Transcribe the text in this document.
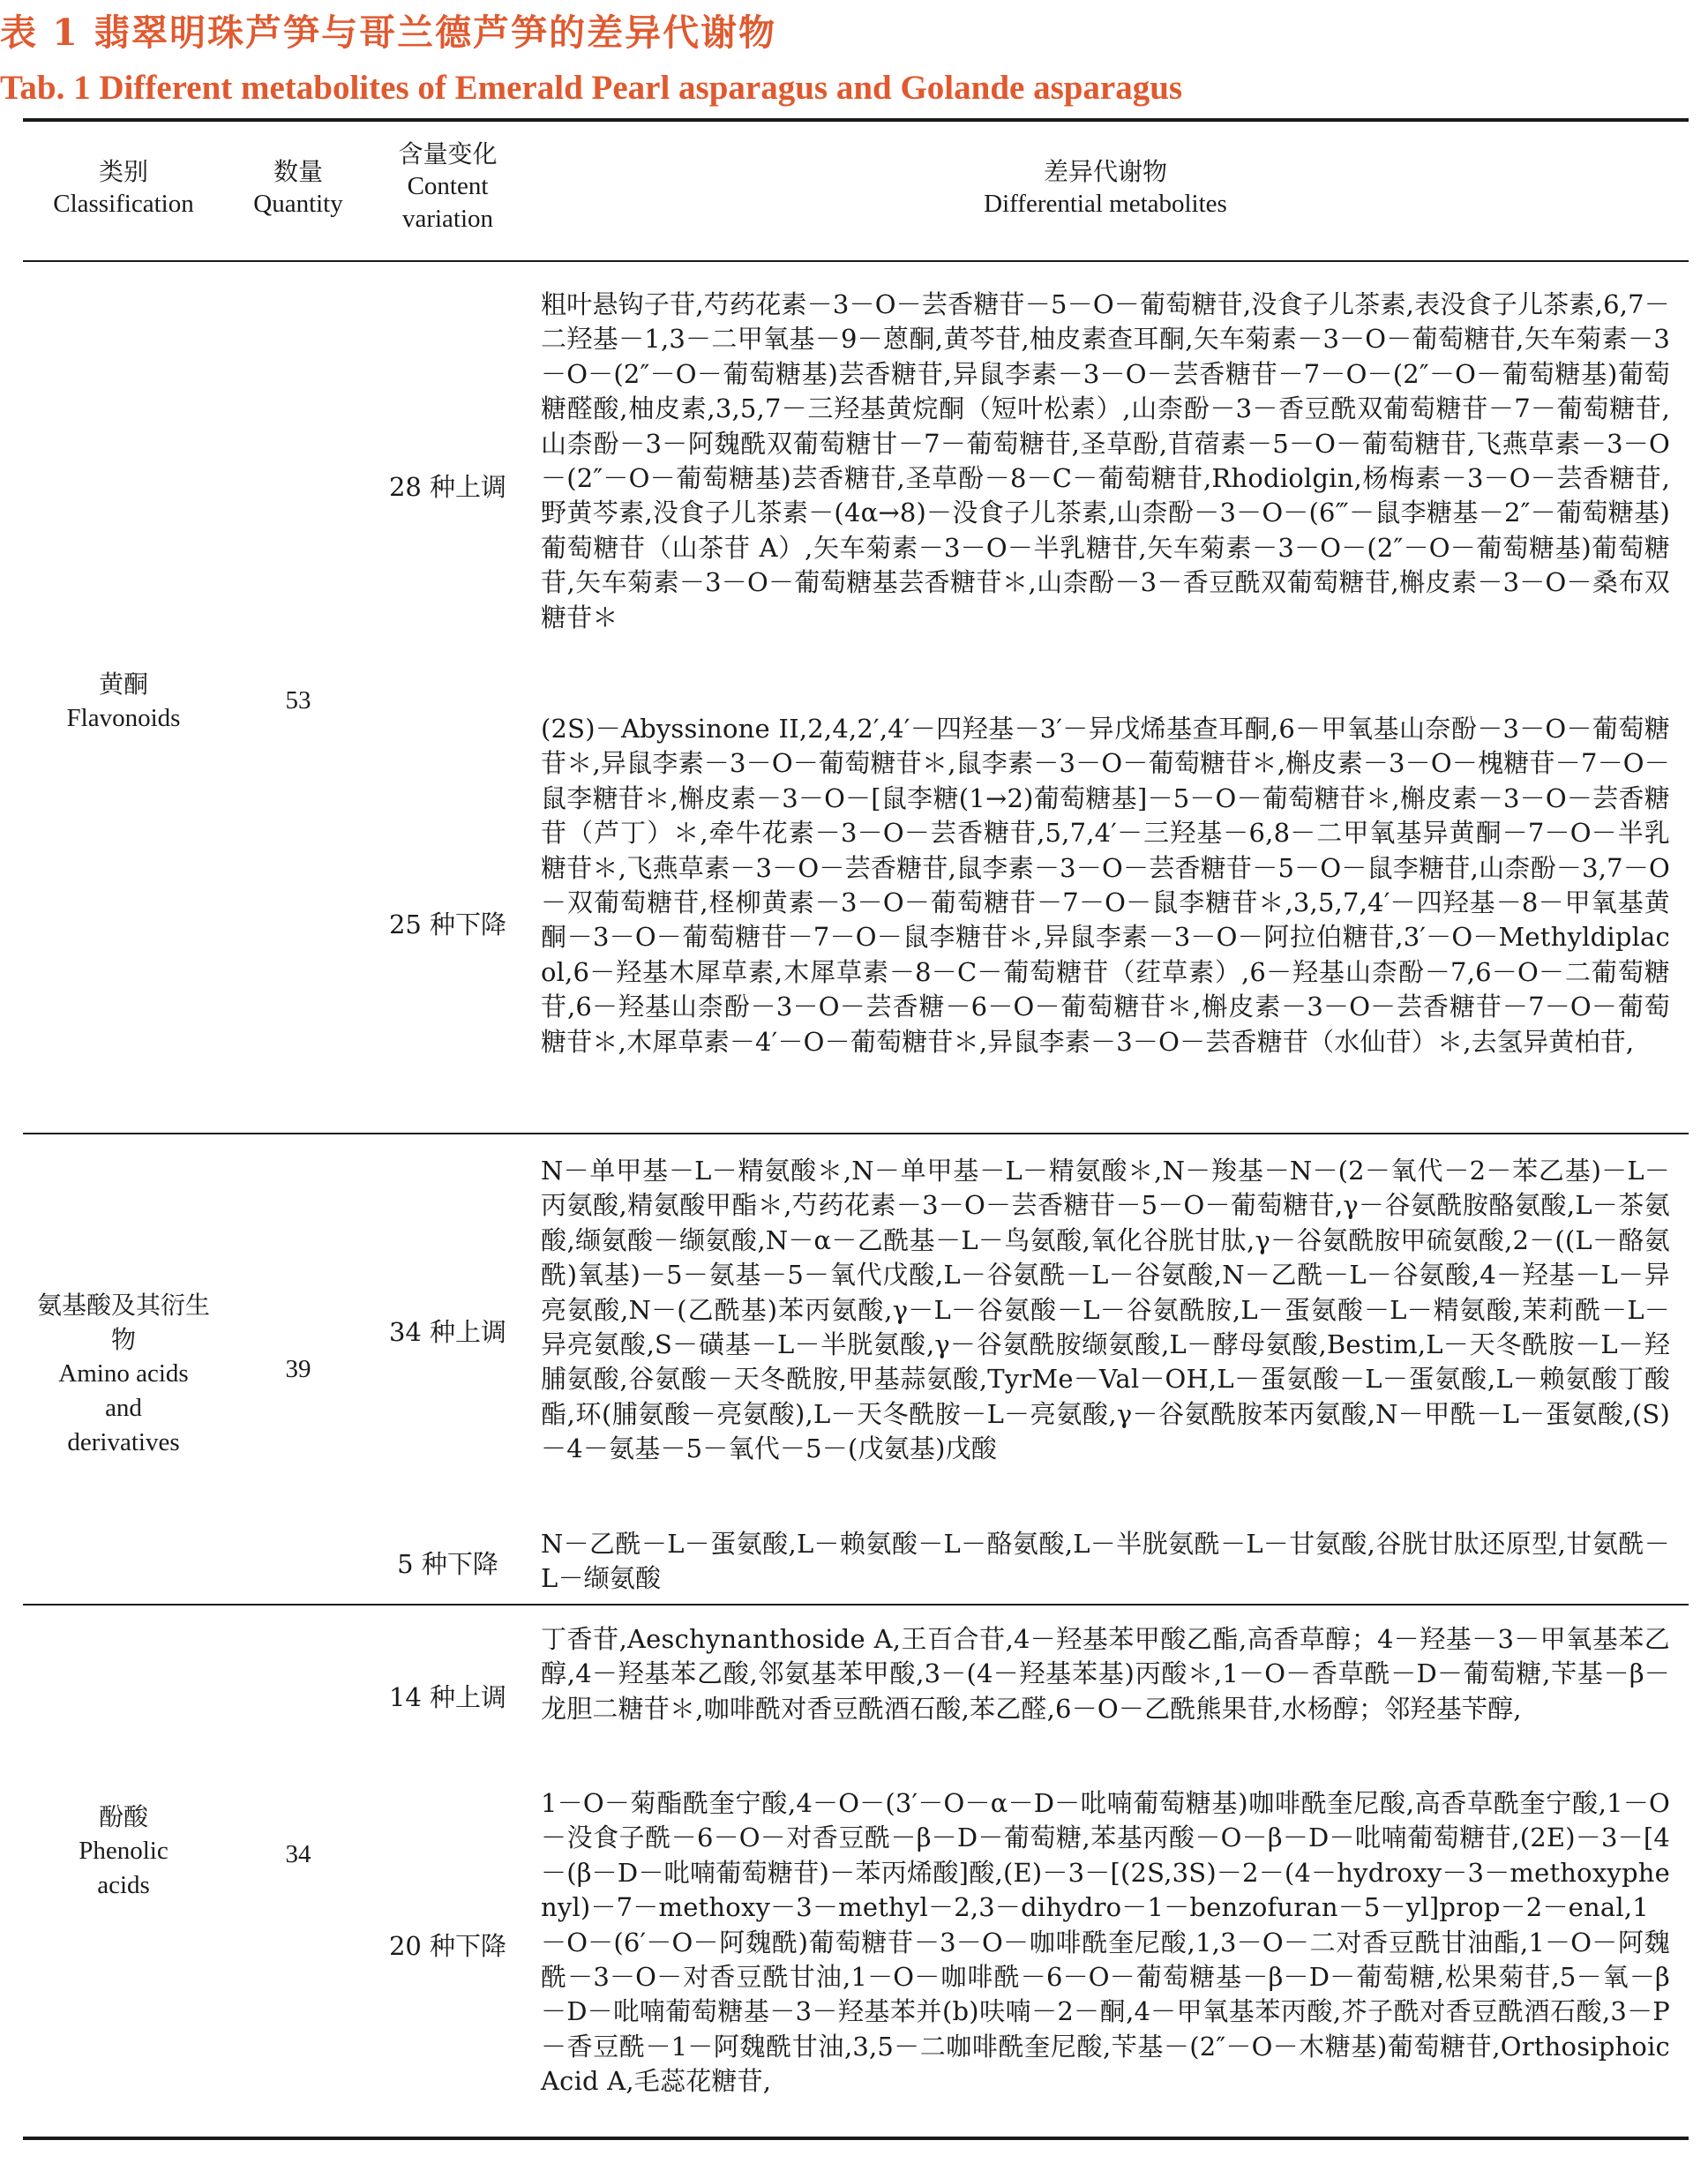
表 1 翡翠明珠芦笋与哥兰德芦笋的差异代谢物
Tab. 1 Different metabolites of Emerald Pearl asparagus and Golande asparagus
类别
Classification
数量
Quantity
含量变化
Content
variation
差异代谢物
Differential metabolites
黄酮
Flavonoids
53
28 种上调
粗叶悬钩子苷,芍药花素－3－O－芸香糖苷－5－O－葡萄糖苷,没食子儿茶素,表没食子儿茶素,6,7－二羟基－1,3－二甲氧基－9－蒽酮,黄芩苷,柚皮素查耳酮,矢车菊素－3－O－葡萄糖苷,矢车菊素－3－O－(2″－O－葡萄糖基)芸香糖苷,异鼠李素－3－O－芸香糖苷－7－O－(2″－O－葡萄糖基)葡萄糖醛酸,柚皮素,3,5,7－三羟基黄烷酮（短叶松素）,山柰酚－3－香豆酰双葡萄糖苷－7－葡萄糖苷,山柰酚－3－阿魏酰双葡萄糖甘－7－葡萄糖苷,圣草酚,苜蓿素－5－O－葡萄糖苷,飞燕草素－3－O－(2″－O－葡萄糖基)芸香糖苷,圣草酚－8－C－葡萄糖苷,Rhodiolgin,杨梅素－3－O－芸香糖苷,野黄芩素,没食子儿茶素－(4α→8)－没食子儿茶素,山柰酚－3－O－(6‴－鼠李糖基－2″－葡萄糖基)葡萄糖苷（山茶苷 A）,矢车菊素－3－O－半乳糖苷,矢车菊素－3－O－(2″－O－葡萄糖基)葡萄糖苷,矢车菊素－3－O－葡萄糖基芸香糖苷＊,山柰酚－3－香豆酰双葡萄糖苷,槲皮素－3－O－桑布双糖苷＊
25 种下降
(2S)－Abyssinone II,2,4,2′,4′－四羟基－3′－异戊烯基查耳酮,6－甲氧基山奈酚－3－O－葡萄糖苷＊,异鼠李素－3－O－葡萄糖苷＊,鼠李素－3－O－葡萄糖苷＊,槲皮素－3－O－槐糖苷－7－O－鼠李糖苷＊,槲皮素－3－O－[鼠李糖(1→2)葡萄糖基]－5－O－葡萄糖苷＊,槲皮素－3－O－芸香糖苷（芦丁）＊,牵牛花素－3－O－芸香糖苷,5,7,4′－三羟基－6,8－二甲氧基异黄酮－7－O－半乳糖苷＊,飞燕草素－3－O－芸香糖苷,鼠李素－3－O－芸香糖苷－5－O－鼠李糖苷,山柰酚－3,7－O－双葡萄糖苷,柽柳黄素－3－O－葡萄糖苷－7－O－鼠李糖苷＊,3,5,7,4′－四羟基－8－甲氧基黄酮－3－O－葡萄糖苷－7－O－鼠李糖苷＊,异鼠李素－3－O－阿拉伯糖苷,3′－O－Methyldiplacol,6－羟基木犀草素,木犀草素－8－C－葡萄糖苷（荭草素）,6－羟基山柰酚－7,6－O－二葡萄糖苷,6－羟基山柰酚－3－O－芸香糖－6－O－葡萄糖苷＊,槲皮素－3－O－芸香糖苷－7－O－葡萄糖苷＊,木犀草素－4′－O－葡萄糖苷＊,异鼠李素－3－O－芸香糖苷（水仙苷）＊,去氢异黄柏苷,
氨基酸及其衍生物
Amino acids
and
derivatives
39
34 种上调
N－单甲基－L－精氨酸＊,N－单甲基－L－精氨酸＊,N－羧基－N－(2－氧代－2－苯乙基)－L－丙氨酸,精氨酸甲酯＊,芍药花素－3－O－芸香糖苷－5－O－葡萄糖苷,γ－谷氨酰胺酪氨酸,L－茶氨酸,缬氨酸－缬氨酸,N－α－乙酰基－L－鸟氨酸,氧化谷胱甘肽,γ－谷氨酰胺甲硫氨酸,2－((L－酪氨酰)氧基)－5－氨基－5－氧代戊酸,L－谷氨酰－L－谷氨酸,N－乙酰－L－谷氨酸,4－羟基－L－异亮氨酸,N－(乙酰基)苯丙氨酸,γ－L－谷氨酸－L－谷氨酰胺,L－蛋氨酸－L－精氨酸,茉莉酰－L－异亮氨酸,S－磺基－L－半胱氨酸,γ－谷氨酰胺缬氨酸,L－酵母氨酸,Bestim,L－天冬酰胺－L－羟脯氨酸,谷氨酸－天冬酰胺,甲基蒜氨酸,TyrMe－Val－OH,L－蛋氨酸－L－蛋氨酸,L－赖氨酸丁酸酯,环(脯氨酸－亮氨酸),L－天冬酰胺－L－亮氨酸,γ－谷氨酰胺苯丙氨酸,N－甲酰－L－蛋氨酸,(S)－4－氨基－5－氧代－5－(戊氨基)戊酸
5 种下降
N－乙酰－L－蛋氨酸,L－赖氨酸－L－酪氨酸,L－半胱氨酰－L－甘氨酸,谷胱甘肽还原型,甘氨酰－L－缬氨酸
酚酸
Phenolic
acids
34
14 种上调
丁香苷,Aeschynanthoside A,王百合苷,4－羟基苯甲酸乙酯,高香草醇；4－羟基－3－甲氧基苯乙醇,4－羟基苯乙酸,邻氨基苯甲酸,3－(4－羟基苯基)丙酸＊,1－O－香草酰－D－葡萄糖,苄基－β－龙胆二糖苷＊,咖啡酰对香豆酰酒石酸,苯乙醛,6－O－乙酰熊果苷,水杨醇；邻羟基苄醇,
20 种下降
1－O－菊酯酰奎宁酸,4－O－(3′－O－α－D－吡喃葡萄糖基)咖啡酰奎尼酸,高香草酰奎宁酸,1－O－没食子酰－6－O－对香豆酰－β－D－葡萄糖,苯基丙酸－O－β－D－吡喃葡萄糖苷,(2E)－3－[4－(β－D－吡喃葡萄糖苷)－苯丙烯酸]酸,(E)－3－[(2S,3S)－2－(4－hydroxy－3－methoxyphenyl)－7－methoxy－3－methyl－2,3－dihydro－1－benzofuran－5－yl]prop－2－enal,1－O－(6′－O－阿魏酰)葡萄糖苷－3－O－咖啡酰奎尼酸,1,3－O－二对香豆酰甘油酯,1－O－阿魏酰－3－O－对香豆酰甘油,1－O－咖啡酰－6－O－葡萄糖基－β－D－葡萄糖,松果菊苷,5－氧－β－D－吡喃葡萄糖基－3－羟基苯并(b)呋喃－2－酮,4－甲氧基苯丙酸,芥子酰对香豆酰酒石酸,3－P－香豆酰－1－阿魏酰甘油,3,5－二咖啡酰奎尼酸,苄基－(2″－O－木糖基)葡萄糖苷,Orthosiphoic Acid A,毛蕊花糖苷,
